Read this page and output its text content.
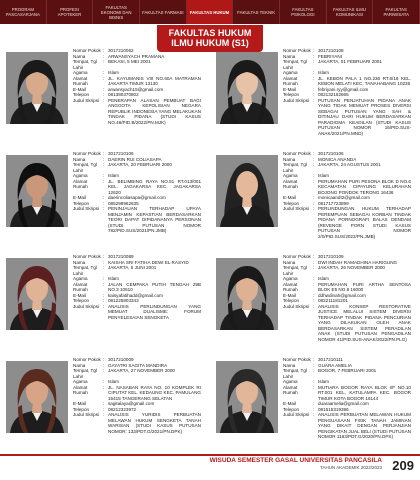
PROGRAM PASCASARJANA
PROFESI APOTEKER
FAKULTAS EKONOMI DAN BISNIS
FAKULTAS FARMASI	FAKULTAS HUKUM	FAKULTAS TEKNIK	FAKULTAS PSIKOLOGI
FAKULTAS ILMU KOMUNIKASI
FAKULTAS PARIWISATA
FAKULTAS HUKUM
ILMU HUKUM (S1)
Nomor Pokok : 3017210062
Nama	: ARWANSYACH PRAMANA
Tempat, Tgl Lahir
: BEKASI, 5 MEI 2001
Agama	: Islam
Alamat Rumah
: JL. KAYUMANIS VIII NO.60A MATRAMAN JAKARTA TIMUR 13130
E-Mail	: arwansyach15@gmail.com
Telepon	: 081380370802
Judul Skripsi : PENERAPAN ALASAN PEMBUAT BAGI ANGGOTA KEPOLISIAN NEGARA REPUBLIK INDONESIA YANG MELAKUKAN TINDAK PIDANA (STUDI KASUS NO.46/PID.B/2022/PN.MJK)
Nomor Pokok : 3017210108
Nama	: FEBRIYANI
Tempat, Tgl Lahir
: JAKARTA, 01 FEBRUARI 2001
Agama	: Islam
Alamat Rumah
: JL. KEBON PALA 1 NO.236 RT.6/16 KEL. KEBON MELATI KEC. TANAHABANG 10236
E-Mail	: febriyani.ryy@gmail.com
Telepon	: 082132162665
Judul Skripsi : PUTUSAN PENJATUHAN PIDANA ANAK YANG TIDAK MEMUAT PROSES DIVERSI SEBAGAI PUTUSAN YANG SAH & DITINJAU DARI HUKUM BERDASARKAN PARADIGMA KEADILAN (STUDI KASUS PUTUSAN NOMOR 16/PID.SUS-ANAK/2021/PN.MND)
Nomor Pokok : 3017210106
Nama	: DAERIN RUI COLIASAPA
Tempat, Tgl Lahir
: JAKARTA, 20 FEBRUARI 2000
Agama	: Islam
Alamat Rumah
: JL. BELIMBING RAYA NO.51 RT.013/001 KEL. JAGAKARSA KEC. JAGAKARSA 12620
E-Mail	: daerincoliasapa@gmail.com
Telepon	: 085298962635
Judul Skripsi : PENINJAUAN TERHADAP UPAYA MENJAMIN KEPASTIAN BERDASARKAN TEORI DAPAT DIPIDANANYA PERSONAN (STUDI PUTUSAN NOMOR 782/PID.SUS/2021/PN.JMB)
Nomor Pokok : 3017210106
Nama	: MONICA ANANDA
Tempat, Tgl Lahir
: JAKARTA, 24 AGUSTUS 2001
Agama	: Islam
Alamat Rumah
: PERUMAHAN PURI PESONA BLOK D NO.6 KECAMATAN CIPAYUNG KELURAHAN BOJONG PONDOK TERONG 16436
E-Mail	: monicaandt2@gmail.com
Telepon	: 081717723899
Judul Skripsi : PERLINDUNGAN HUKUM TERHADAP PEREMPUAN SEBAGAI KORBAN TINDAK PIDANA PORNOGRAFI BALAS DENDAM (REVENGE PORN STUDI KASUS PUTUSAN NOMOR 2/0/PID.SUS/2022/PN.JMB)
Nomor Pokok : 3017210089
Nama	: KAISHA SRI FATIHA DEWI EL RASYID
Tempat, Tgl Lahir
: JAKARTA, 5 JUNI 2001
Agama	: Islam
Alamat Rumah
: JALAN CEMPAKA PUTIH TENGAH 29B NO.3 10510
E-Mail	: kaisyafatihadd@gmail.com
Telepon	: 081225803343
Judul Skripsi : ANALISIS PERLINDUNGAN YANG MEMUAT DUALISME: FORUM PENYELESAIAN SENGKETA
Nomor Pokok : 3017210109
Nama	: DWI INDAH RAMADHINA HARIGUNG
Tempat, Tgl Lahir
: JAKARTA, 26 NOVEMBER 2000
Agama	: Islam
Alamat Rumah
: PERUMAHAN PURI ARTHA SENTOSA BLOK E5 NO.8 16000
E-Mail	: ddhwdinah@gmail.com
Telepon	: 082211181201
Judul Skripsi : ANALISIS KONSEP RESTORATIVE JUSTICE MELALUI SISTEM DIVERSI TERHADAP TINDAK PIDANA PENCURIAN YANG DILAKUKAN OLEH ANAK BERDASARKAN SISTEM PERADILAN ANAK (STUDI PUTUSAN PENGADILAN NOMOR 41/PID.SUS-ANAK/2022/PN.PLG)
Nomor Pokok : 3017210009
Nama	: GAYATRI SAGITA MANDIRA
Tempat, Tgl Lahir
: JAKARTA, 27 NOVEMBER 2000
Agama	: Islam
Alamat Rumah
: JL. NASABAN RAYA NO. 10 KOMPLEK RI CIPUTAT KEL. KEDAUNG KEC. PAMULANG 15415 TANGERANG SELATAN
E-Mail	: sagitalaya@gmail.com
Telepon	: 08212323972
Judul Skripsi : ANALISIS YURIDIS PERBUATAN MELAWAN HUKUM SENGKETA TANAH WARISAN (STUDI KASUS PUTUSAN NOMOR: 133/PDT.G/2021/PN.DPK)
Nomor Pokok : 3017210111
Nama	: GUARA AMELIA
Tempat, Tgl Lahir
: BOGOR, 7 FEBRUARI 2001
Agama	: Islam
Alamat Rumah
: MUTIARA BOGOR RAYA BLOK I/F NO.10 RT.001 KEL. KATULAMPA KEC. BOGOR TIMUR KOTA BOGOR 16144
E-Mail	: duaraamelia@gmail.com
Telepon	: 081515319396
Judul Skripsi : ANALISIS PERBUATAN MELAWAN HUKUM PENGUASAAN FISIK TANAH JAMINAN YANG DIKAIT DENGAN PERJANJIAN PENGIKATAN JUAL BELI (STUDI PUTUSAN NOMOR 1183/PDT.G/2020/PN.DPS)
WISUDA SEMESTER GASAL UNIVERSITAS PANCASILA
TAHUN AKADEMIK 2022/2023 209
